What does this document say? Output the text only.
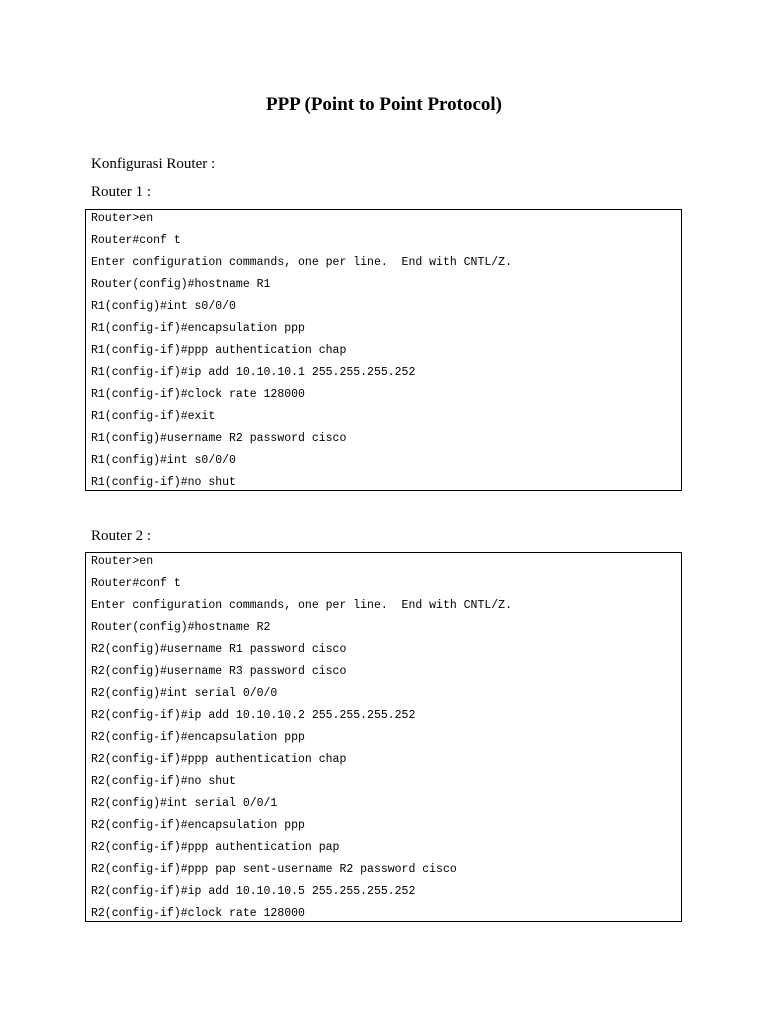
PPP (Point to Point Protocol)
Konfigurasi Router :
Router 1 :
Router>en
Router#conf t
Enter configuration commands, one per line.  End with CNTL/Z.
Router(config)#hostname R1
R1(config)#int s0/0/0
R1(config-if)#encapsulation ppp
R1(config-if)#ppp authentication chap
R1(config-if)#ip add 10.10.10.1 255.255.255.252
R1(config-if)#clock rate 128000
R1(config-if)#exit
R1(config)#username R2 password cisco
R1(config)#int s0/0/0
R1(config-if)#no shut
Router 2 :
Router>en
Router#conf t
Enter configuration commands, one per line.  End with CNTL/Z.
Router(config)#hostname R2
R2(config)#username R1 password cisco
R2(config)#username R3 password cisco
R2(config)#int serial 0/0/0
R2(config-if)#ip add 10.10.10.2 255.255.255.252
R2(config-if)#encapsulation ppp
R2(config-if)#ppp authentication chap
R2(config-if)#no shut
R2(config)#int serial 0/0/1
R2(config-if)#encapsulation ppp
R2(config-if)#ppp authentication pap
R2(config-if)#ppp pap sent-username R2 password cisco
R2(config-if)#ip add 10.10.10.5 255.255.255.252
R2(config-if)#clock rate 128000
